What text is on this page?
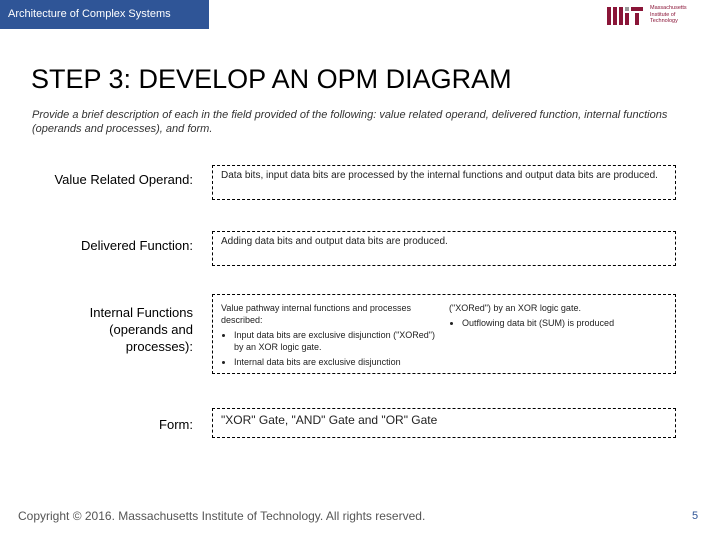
Architecture of Complex Systems	Massachusetts
Institute of
Technology
STEP 3: DEVELOP AN OPM DIAGRAM
Provide a brief description of each in the field provided of the following: value related operand, delivered function, internal functions (operands and processes), and form.
Value Related Operand:	Data bits, input data bits are processed by the internal functions and output data bits are produced.
Delivered Function:	Adding data bits and output data bits are produced.
Internal Functions (operands and processes):
Value pathway internal functions and processes described:
• Input data bits are exclusive disjunction ("XORed") by an XOR logic gate.
• Internal data bits are exclusive disjunction
("XORed") by an XOR logic gate.
• Outflowing data bit (SUM) is produced
Form:	"XOR" Gate, "AND" Gate and "OR" Gate
Copyright © 2016. Massachusetts Institute of Technology. All rights reserved.	5
